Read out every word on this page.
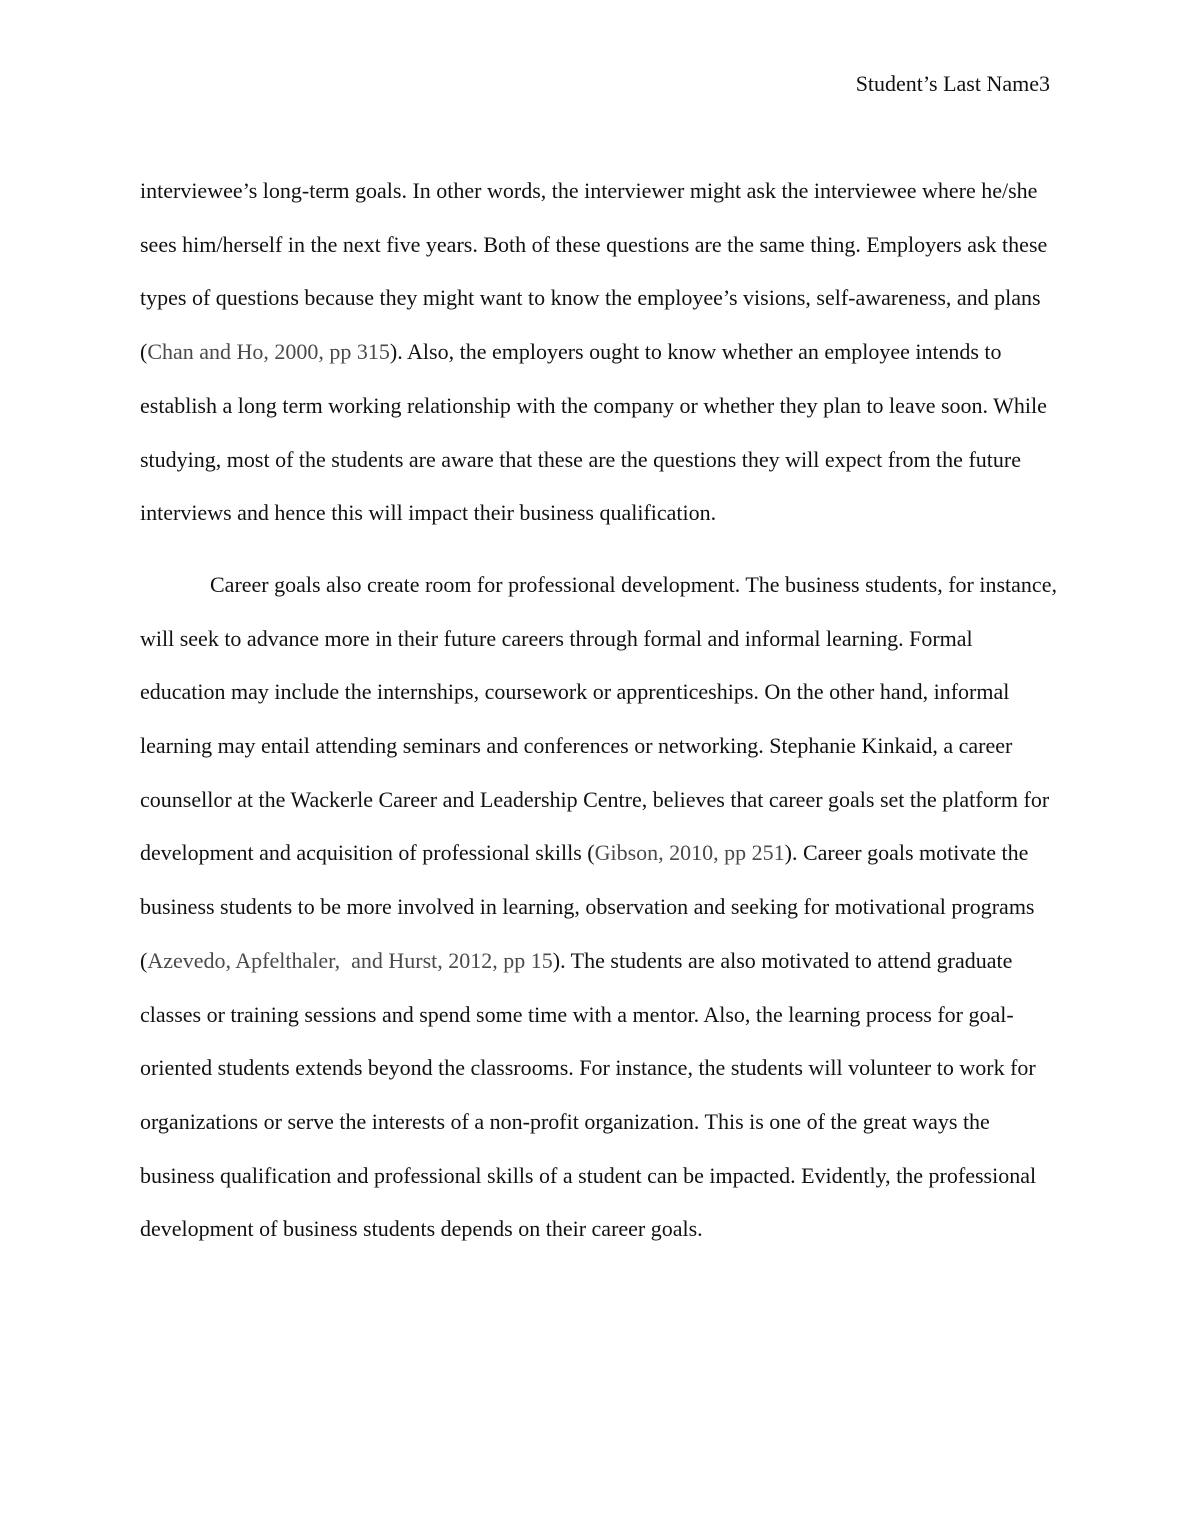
Student’s Last Name3

interviewee’s long-term goals. In other words, the interviewer might ask the interviewee where he/she sees him/herself in the next five years. Both of these questions are the same thing. Employers ask these types of questions because they might want to know the employee’s visions, self-awareness, and plans (Chan and Ho, 2000, pp 315). Also, the employers ought to know whether an employee intends to establish a long term working relationship with the company or whether they plan to leave soon. While studying, most of the students are aware that these are the questions they will expect from the future interviews and hence this will impact their business qualification.

Career goals also create room for professional development. The business students, for instance, will seek to advance more in their future careers through formal and informal learning. Formal education may include the internships, coursework or apprenticeships. On the other hand, informal learning may entail attending seminars and conferences or networking. Stephanie Kinkaid, a career counsellor at the Wackerle Career and Leadership Centre, believes that career goals set the platform for development and acquisition of professional skills (Gibson, 2010, pp 251). Career goals motivate the business students to be more involved in learning, observation and seeking for motivational programs (Azevedo, Apfelthaler,  and Hurst, 2012, pp 15). The students are also motivated to attend graduate classes or training sessions and spend some time with a mentor. Also, the learning process for goal-oriented students extends beyond the classrooms. For instance, the students will volunteer to work for organizations or serve the interests of a non-profit organization. This is one of the great ways the business qualification and professional skills of a student can be impacted. Evidently, the professional development of business students depends on their career goals.
